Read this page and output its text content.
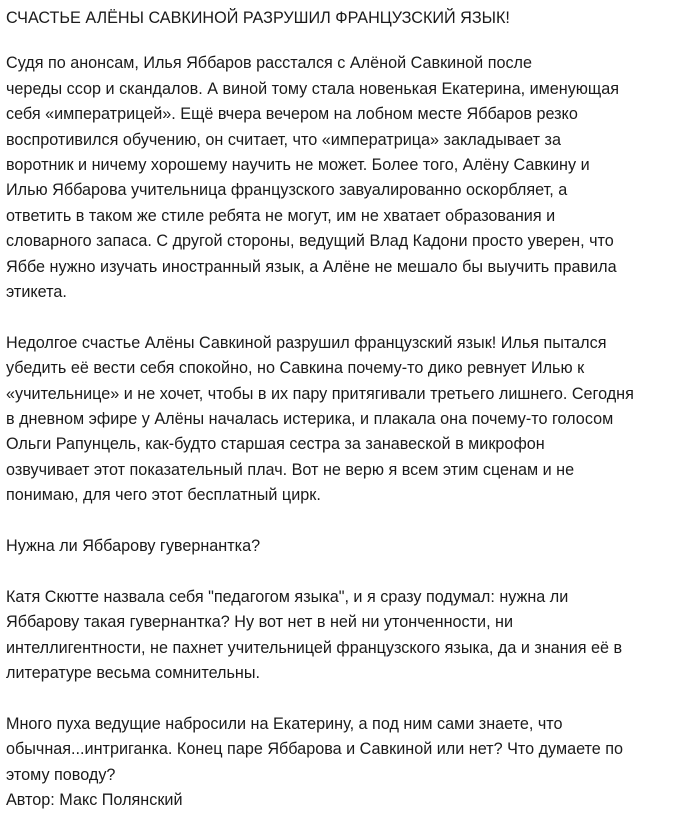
СЧАСТЬЕ АЛЁНЫ САВКИНОЙ РАЗРУШИЛ ФРАНЦУЗСКИЙ ЯЗЫК!
Судя по анонсам, Илья Яббаров расстался с Алёной Савкиной после
череды ссор и скандалов. А виной тому стала новенькая Екатерина, именующая
себя «императрицей». Ещё вчера вечером на лобном месте Яббаров резко
воспротивился обучению, он считает, что «императрица» закладывает за
воротник и ничему хорошему научить не может. Более того, Алёну Савкину и
Илью Яббарова учительница французского завуалированно оскорбляет, а
ответить в таком же стиле ребята не могут, им не хватает образования и
словарного запаса. С другой стороны, ведущий Влад Кадони просто уверен, что
Яббе нужно изучать иностранный язык, а Алёне не мешало бы выучить правила
этикета.
Недолгое счастье Алёны Савкиной разрушил французский язык! Илья пытался
убедить её вести себя спокойно, но Савкина почему-то дико ревнует Илью к
«учительнице» и не хочет, чтобы в их пару притягивали третьего лишнего. Сегодня
в дневном эфире у Алёны началась истерика, и плакала она почему-то голосом
Ольги Рапунцель, как-будто старшая сестра за занавеской в микрофон
озвучивает этот показательный плач. Вот не верю я всем этим сценам и не
понимаю, для чего этот бесплатный цирк.
Нужна ли Яббарову гувернантка?
Катя Скютте назвала себя "педагогом языка", и я сразу подумал: нужна ли
Яббарову такая гувернантка? Ну вот нет в ней ни утонченности, ни
интеллигентности, не пахнет учительницей французского языка, да и знания её в
литературе весьма сомнительны.
Много пуха ведущие набросили на Екатерину, а под ним сами знаете, что
обычная...интриганка. Конец паре Яббарова и Савкиной или нет? Что думаете по
этому поводу?

Автор: Макс Полянский
